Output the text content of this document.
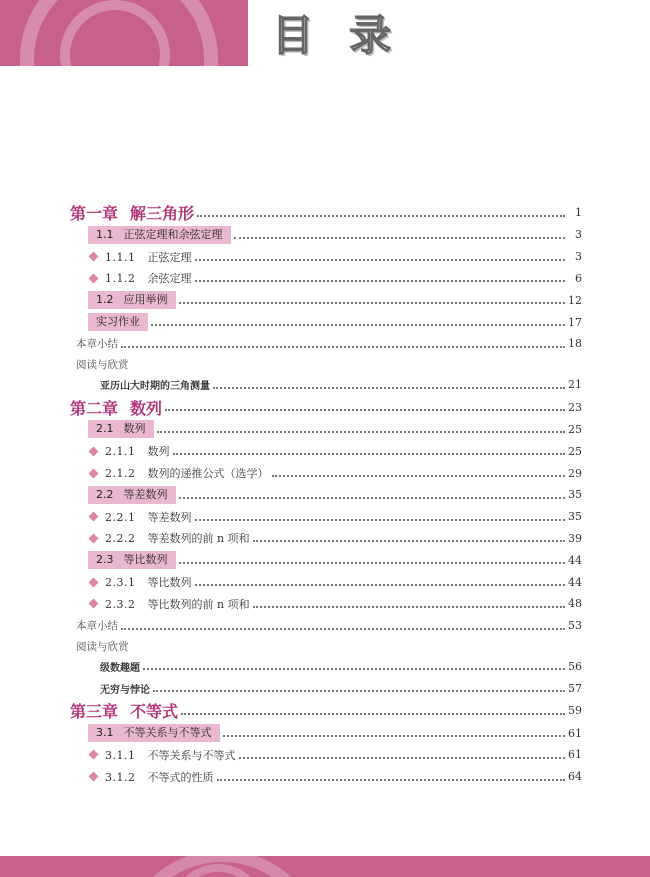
目 录
第一章 解三角形	1
1.1 正弦定理和余弦定理	3
1.1.1 正弦定理	3
1.1.2 余弦定理	6
1.2 应用举例	12
实习作业	17
本章小结	18
阅读与欣赏
亚历山大时期的三角测量	21
第二章 数列	23
2.1 数列	25
2.1.1 数列	25
2.1.2 数列的递推公式（选学）	29
2.2 等差数列	35
2.2.1 等差数列	35
2.2.2 等差数列的前 n 项和	39
2.3 等比数列	44
2.3.1 等比数列	44
2.3.2 等比数列的前 n 项和	48
本章小结	53
阅读与欣赏
级数趣题	56
无穷与悖论	57
第三章 不等式	59
3.1 不等关系与不等式	61
3.1.1 不等关系与不等式	61
3.1.2 不等式的性质	64
